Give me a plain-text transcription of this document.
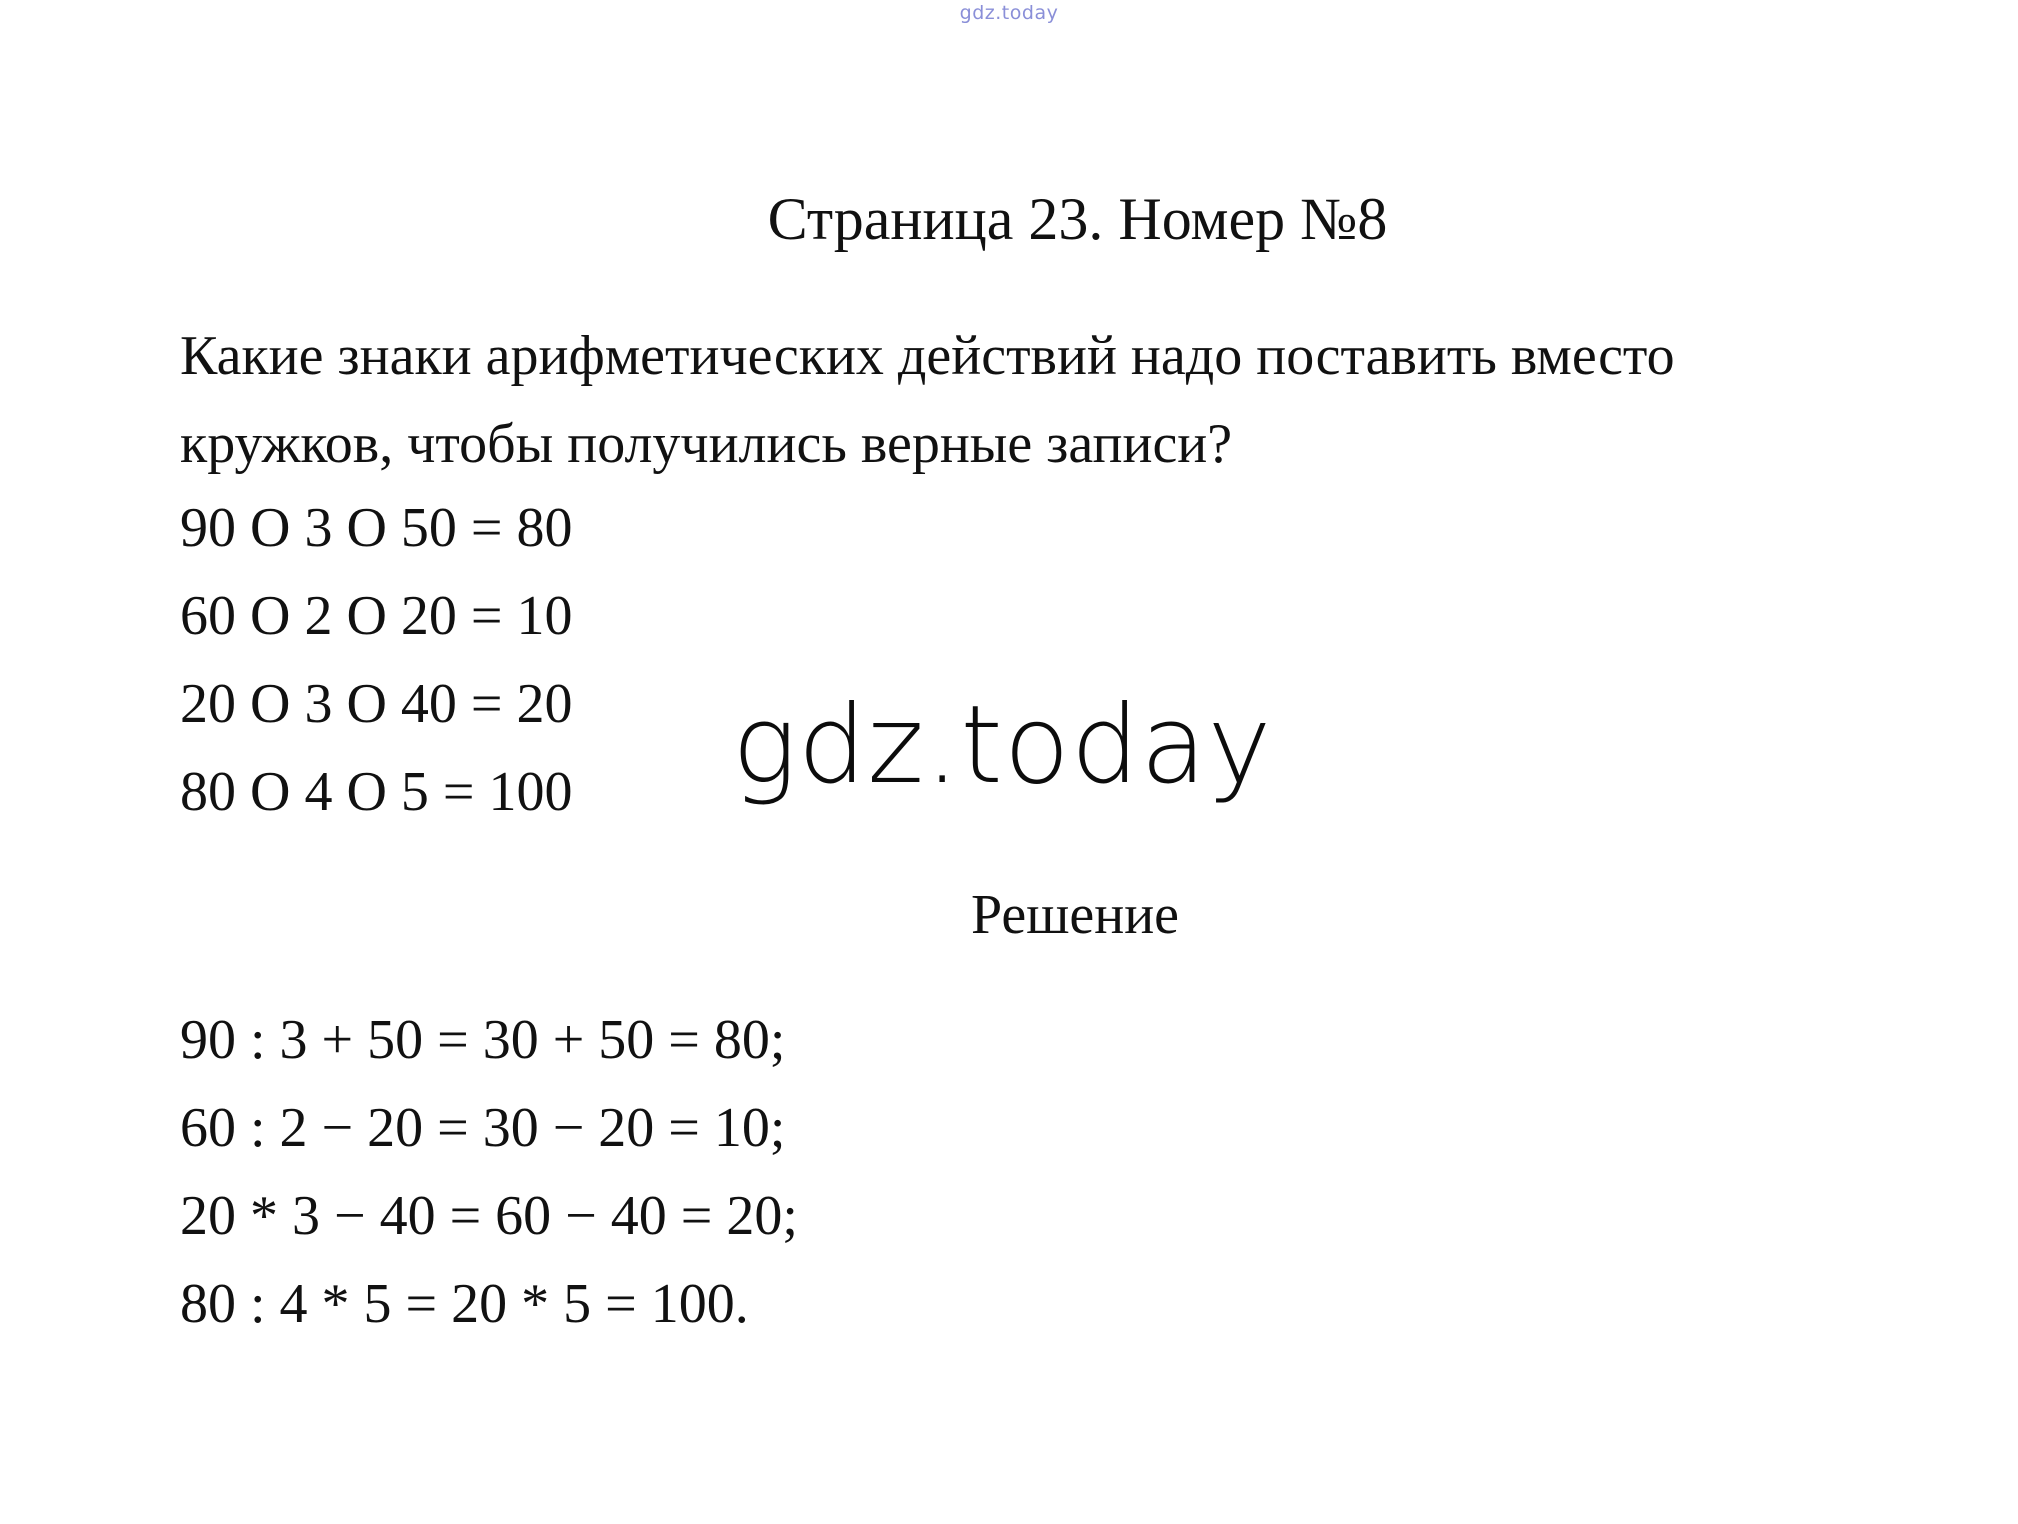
gdz.today
Страница 23. Номер №8

Какие знаки арифметических действий надо поставить вместо
кружков, чтобы получились верные записи?

90 O 3 O 50 = 80
60 O 2 O 20 = 10
20 O 3 O 40 = 20
80 O 4 O 5 = 100 gdz.today
Решение
90 : 3 + 50 = 30 + 50 = 80;
60 : 2 − 20 = 30 − 20 = 10;
20 * 3 − 40 = 60 − 40 = 20;
80 : 4 * 5 = 20 * 5 = 100.
